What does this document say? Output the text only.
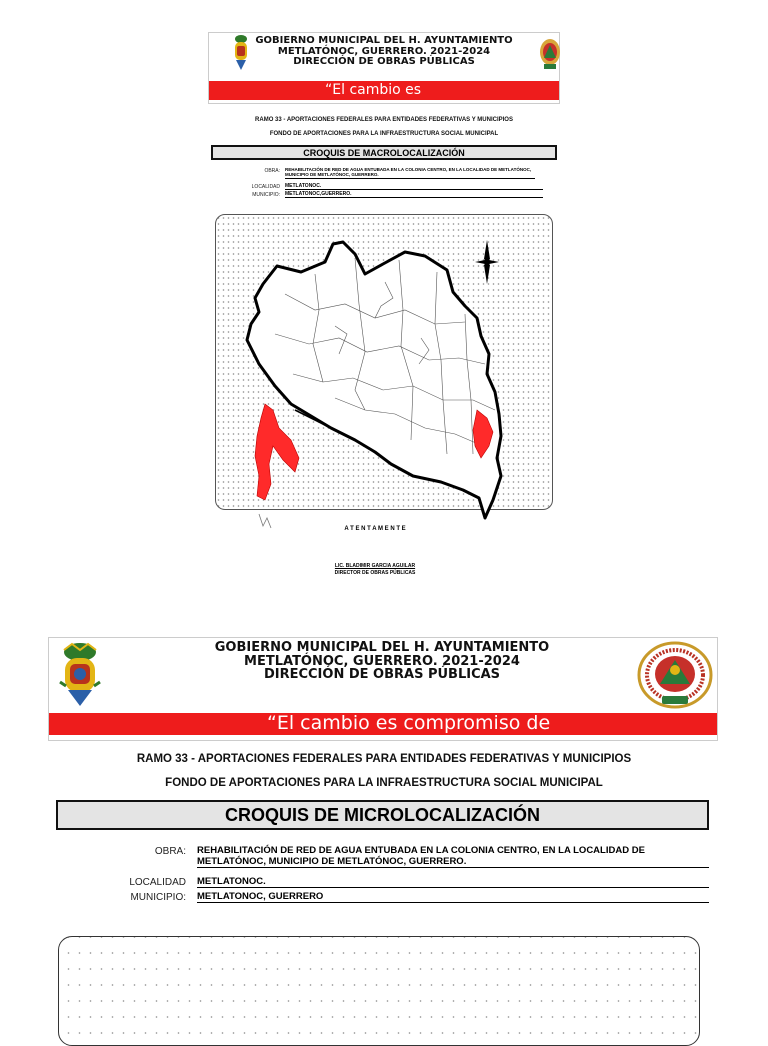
GOBIERNO MUNICIPAL DEL H. AYUNTAMIENTO
METLATÓNOC, GUERRERO. 2021-2024
DIRECCIÓN DE OBRAS PÚBLICAS
“El cambio es
RAMO 33 - APORTACIONES FEDERALES PARA ENTIDADES FEDERATIVAS Y MUNICIPIOS
FONDO DE APORTACIONES PARA LA INFRAESTRUCTURA SOCIAL MUNICIPAL
CROQUIS DE MACROLOCALIZACIÓN
OBRA: REHABILITACIÓN DE RED DE AGUA ENTUBADA EN LA COLONIA CENTRO, EN LA LOCALIDAD DE METLATÓNOC, MUNICIPIO DE METLATÓNOC, GUERRERO.
LOCALIDAD METLATONOC.
MUNICIPIO: METLATONOC,GUERRERO.
A T E N T A M E N T E
LIC. BLADIMIR GARCIA AGUILAR
DIRECTOR DE OBRAS PÚBLICAS
GOBIERNO MUNICIPAL DEL H. AYUNTAMIENTO
METLATÓNOC, GUERRERO. 2021-2024
DIRECCIÓN DE OBRAS PÚBLICAS
“El cambio es compromiso de
RAMO 33 - APORTACIONES FEDERALES PARA ENTIDADES FEDERATIVAS Y MUNICIPIOS
FONDO DE APORTACIONES PARA LA INFRAESTRUCTURA SOCIAL MUNICIPAL
CROQUIS DE MICROLOCALIZACIÓN
OBRA: REHABILITACIÓN DE RED DE AGUA ENTUBADA EN LA COLONIA CENTRO, EN LA LOCALIDAD DE
METLATÓNOC, MUNICIPIO DE METLATÓNOC, GUERRERO.
LOCALIDAD METLATONOC.
MUNICIPIO: METLATONOC, GUERRERO
